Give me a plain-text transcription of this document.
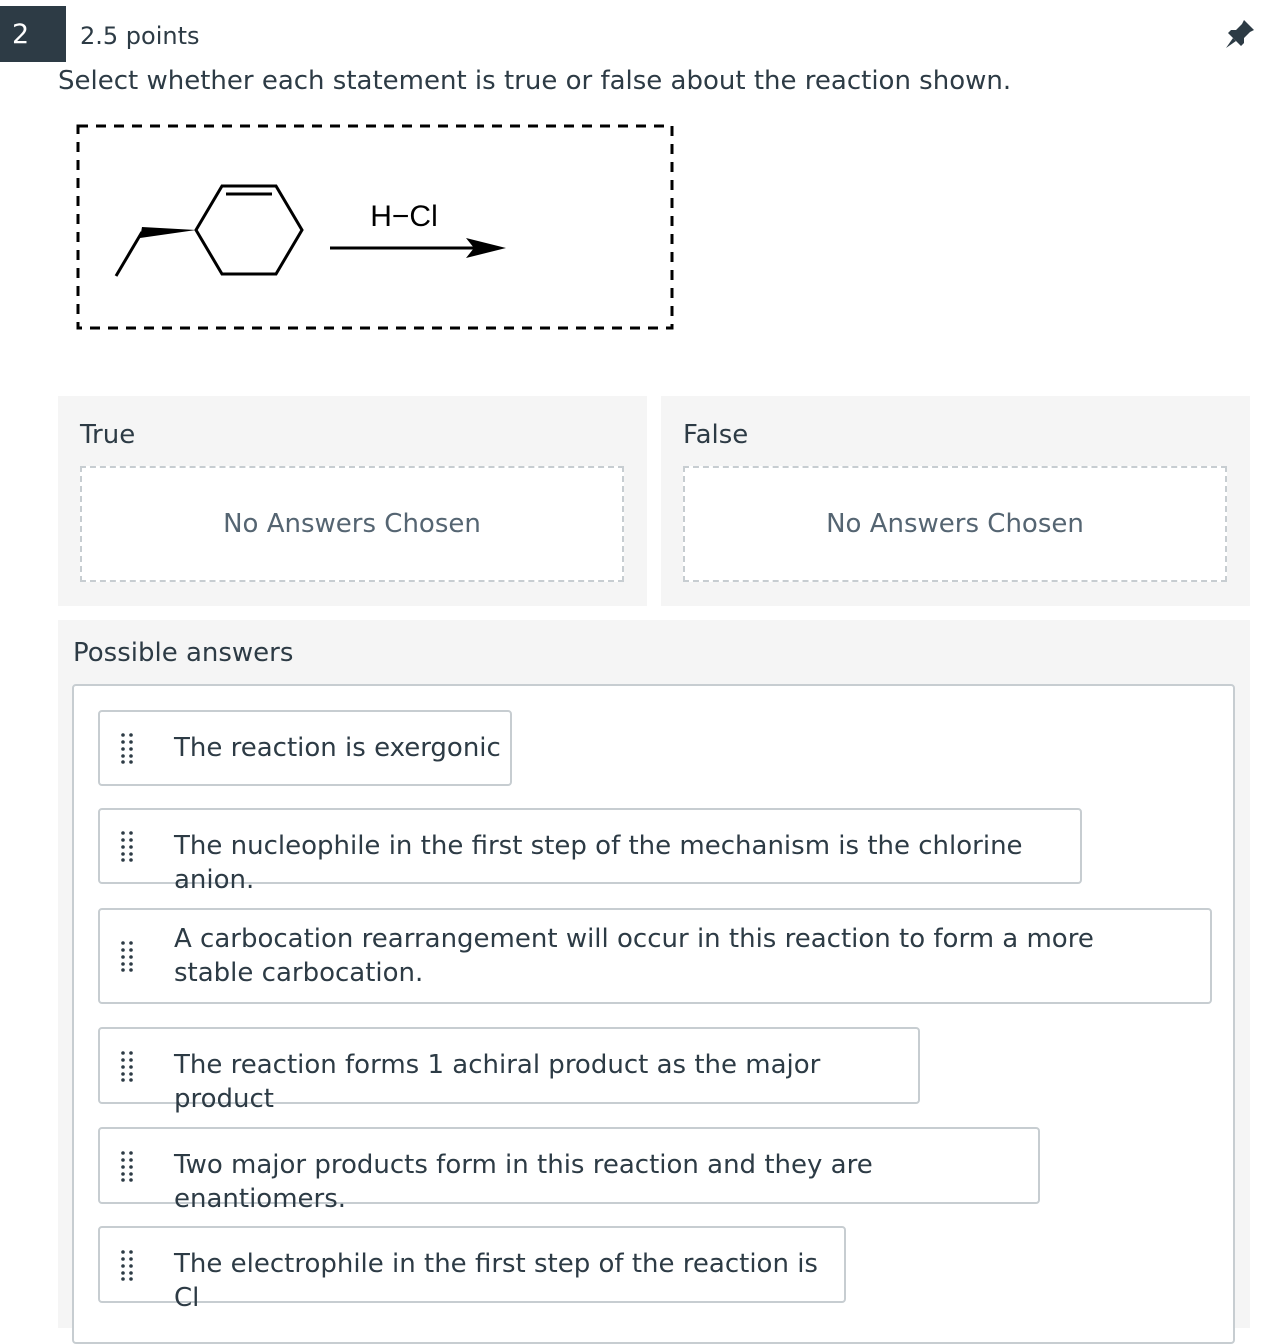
2	2.5 points
Select whether each statement is true or false about the reaction shown.
H−Cl
True
No Answers Chosen
False
No Answers Chosen
Possible answers
The reaction is exergonic
The nucleophile in the first step of the mechanism is the chlorine anion.
A carbocation rearrangement will occur in this reaction to form a more stable carbocation.
The reaction forms 1 achiral product as the major product
Two major products form in this reaction and they are enantiomers.
The electrophile in the first step of the reaction is Cl
